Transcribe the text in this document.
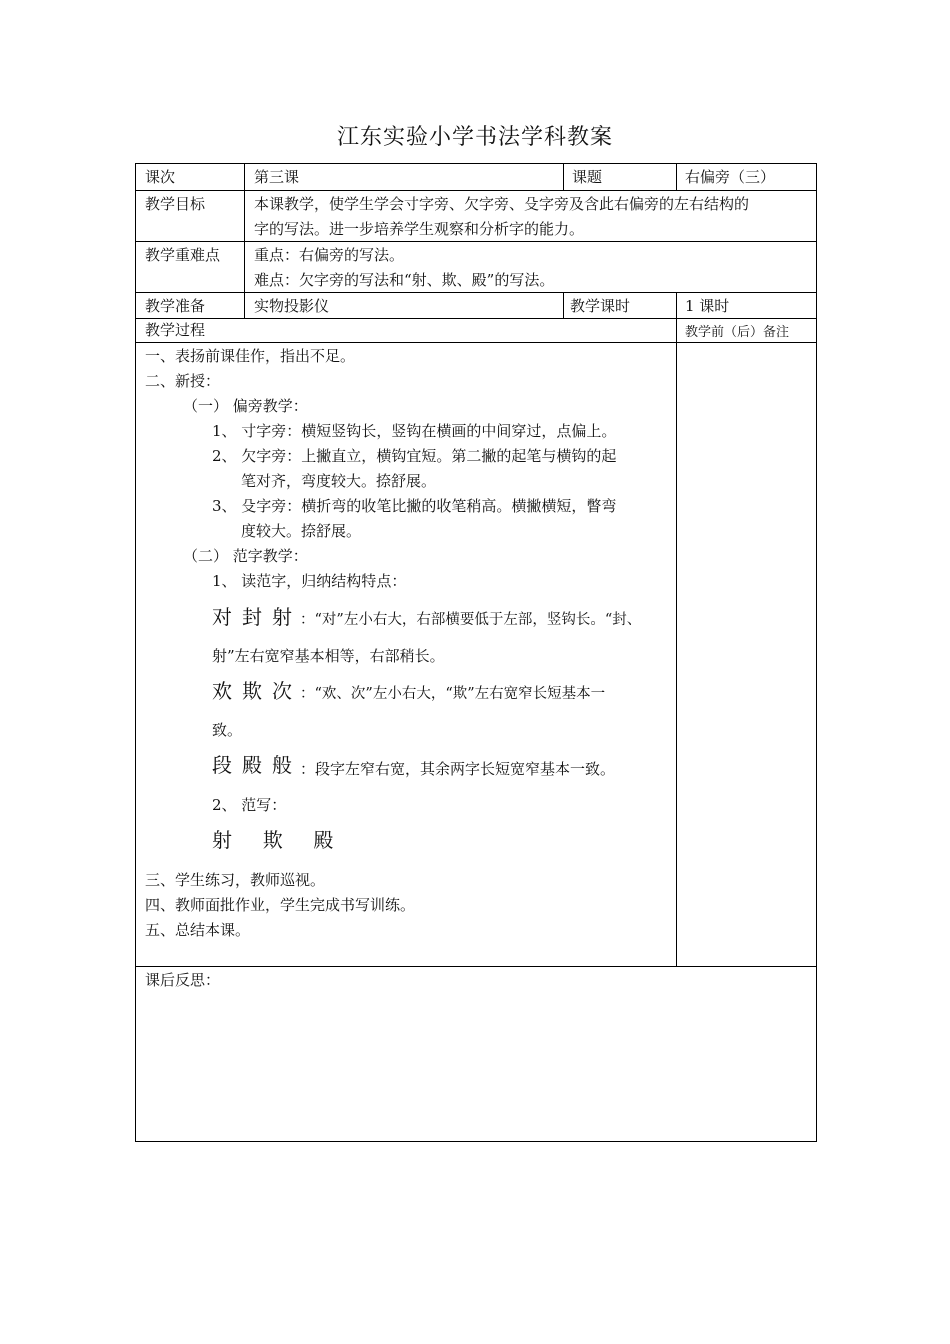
江东实验小学书法学科教案
课次	第三课	课题	右偏旁（三）
教学目标	本课教学，使学生学会寸字旁、欠字旁、殳字旁及含此右偏旁的左右结构的
字的写法。进一步培养学生观察和分析字的能力。
教学重难点 重点：右偏旁的写法。
难点：欠字旁的写法和“射、欺、殿”的写法。
教学准备	实物投影仪	教学课时	1 课时
教学过程	教学前（后）备注
一、表扬前课佳作，指出不足。
二、新授：
（一） 偏旁教学：
1、 寸字旁：横短竖钩长，竖钩在横画的中间穿过，点偏上。
2、 欠字旁：上撇直立，横钩宜短。第二撇的起笔与横钩的起
笔对齐，弯度较大。捺舒展。
3、 殳字旁：横折弯的收笔比撇的收笔稍高。横撇横短，瞥弯
度较大。捺舒展。
（二） 范字教学：
1、 读范字，归纳结构特点：
对封射
：“对”左小右大，右部横要低于左部，竖钩长。“封、
射”左右宽窄基本相等，右部稍长。
欢欺次
：“欢、次”左小右大，“欺”左右宽窄长短基本一
致。
段殿般
：段字左窄右宽，其余两字长短宽窄基本一致。
2、 范写：
射  欺  殿
三、学生练习，教师巡视。
四、教师面批作业，学生完成书写训练。
五、总结本课。
课后反思：
